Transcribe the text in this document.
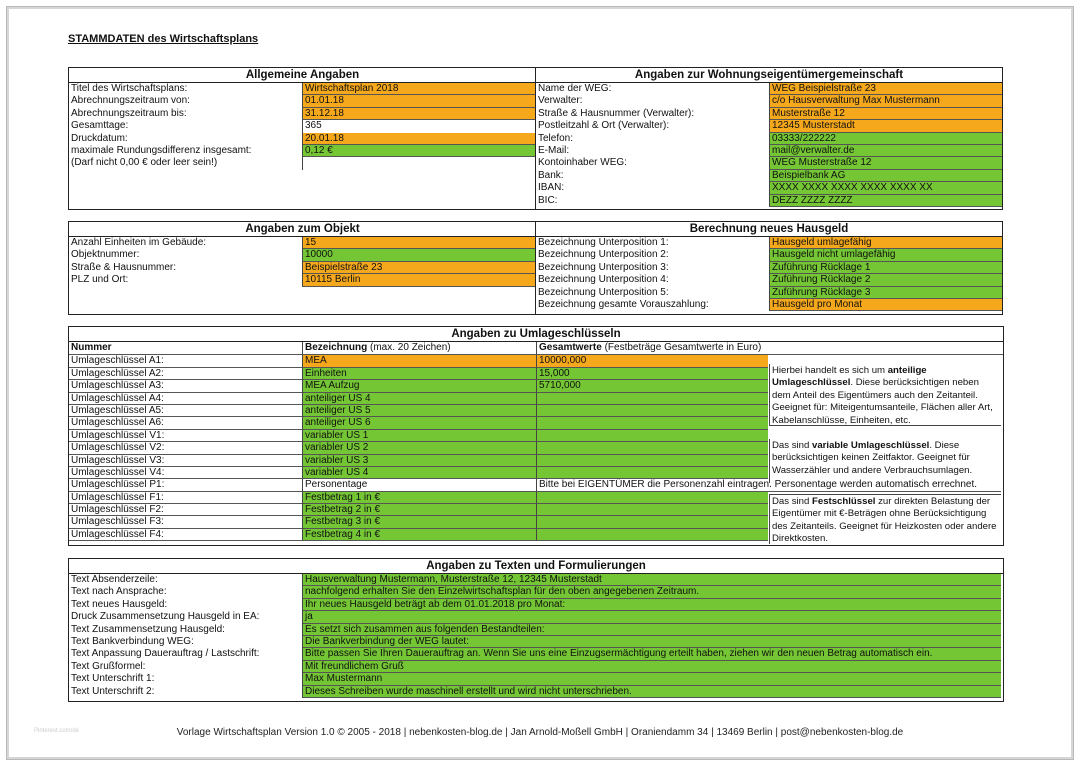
STAMMDATEN des Wirtschaftsplans
Allgemeine Angaben
Titel des Wirtschaftsplans:	Wirtschaftsplan 2018
Abrechnungszeitraum von:	01.01.18
Abrechnungszeitraum bis:	31.12.18
Gesamttage:	365
Druckdatum:	20.01.18
maximale Rundungsdifferenz insgesamt:	0,12 €
(Darf nicht 0,00 € oder leer sein!)
Angaben zur Wohnungseigentümergemeinschaft
Name der WEG:	WEG Beispielstraße 23
Verwalter:	c/o Hausverwaltung Max Mustermann
Straße & Hausnummer (Verwalter):	Musterstraße 12
Postleitzahl & Ort (Verwalter):	12345 Musterstadt
Telefon:	03333/222222
E-Mail:	mail@verwalter.de
Kontoinhaber WEG:	WEG Musterstraße 12
Bank:	Beispielbank AG
IBAN:	XXXX XXXX XXXX XXXX XXXX XX
BIC:	DEZZ ZZZZ ZZZZ
Angaben zum Objekt
Anzahl Einheiten im Gebäude:	15
Objektnummer:	10000
Straße & Hausnummer:	Beispielstraße 23
PLZ und Ort:	10115 Berlin
Berechnung neues Hausgeld
Bezeichnung Unterposition 1:	Hausgeld umlagefähig
Bezeichnung Unterposition 2:	Hausgeld nicht umlagefähig
Bezeichnung Unterposition 3:	Zuführung Rücklage 1
Bezeichnung Unterposition 4:	Zuführung Rücklage 2
Bezeichnung Unterposition 5:	Zuführung Rücklage 3
Bezeichnung gesamte Vorauszahlung:	Hausgeld pro Monat
Angaben zu Umlageschlüsseln
Nummer	Bezeichnung (max. 20 Zeichen)	Gesamtwerte (Festbeträge Gesamtwerte in Euro)
Umlageschlüssel A1:	MEA	10000,000
Umlageschlüssel A2:	Einheiten	15,000
Umlageschlüssel A3:	MEA Aufzug	5710,000
Umlageschlüssel A4:	anteiliger US 4
Umlageschlüssel A5:	anteiliger US 5
Umlageschlüssel A6:	anteiliger US 6
Umlageschlüssel V1:	variabler US 1
Umlageschlüssel V2:	variabler US 2
Umlageschlüssel V3:	variabler US 3
Umlageschlüssel V4:	variabler US 4
Umlageschlüssel P1:	Personentage	Bitte bei EIGENTÜMER die Personenzahl eintragen. Personentage werden automatisch errechnet.
Umlageschlüssel F1:	Festbetrag 1 in €
Umlageschlüssel F2:	Festbetrag 2 in €
Umlageschlüssel F3:	Festbetrag 3 in €
Umlageschlüssel F4:	Festbetrag 4 in €
Hierbei handelt es sich um anteilige Umlageschlüssel. Diese berücksichtigen neben dem Anteil des Eigentümers auch den Zeitanteil. Geeignet für: Miteigentumsanteile, Flächen aller Art, Kabelanschlüsse, Einheiten, etc.
Das sind variable Umlageschlüssel. Diese berücksichtigen keinen Zeitfaktor. Geeignet für Wasserzähler und andere Verbrauchsumlagen.
Das sind Festschlüssel zur direkten Belastung der Eigentümer mit €-Beträgen ohne Berücksichtigung des Zeitanteils. Geeignet für Heizkosten oder andere Direktkosten.
Angaben zu Texten und Formulierungen
Text Absenderzeile:	Hausverwaltung Mustermann, Musterstraße 12, 12345 Musterstadt
Text nach Ansprache:	nachfolgend erhalten Sie den Einzelwirtschaftsplan für den oben angegebenen Zeitraum.
Text neues Hausgeld:	Ihr neues Hausgeld beträgt ab dem 01.01.2018 pro Monat:
Druck Zusammensetzung Hausgeld in EA:	ja
Text Zusammensetzung Hausgeld:	Es setzt sich zusammen aus folgenden Bestandteilen:
Text Bankverbindung WEG:	Die Bankverbindung der WEG lautet:
Text Anpassung Dauerauftrag / Lastschrift:	Bitte passen Sie Ihren Dauerauftrag an. Wenn Sie uns eine Einzugsermächtigung erteilt haben, ziehen wir den neuen Betrag automatisch ein.
Text Grußformel:	Mit freundlichem Gruß
Text Unterschrift 1:	Max Mustermann
Text Unterschrift 2:	Dieses Schreiben wurde maschinell erstellt und wird nicht unterschrieben.
Vorlage Wirtschaftsplan Version 1.0 © 2005 - 2018 | nebenkosten-blog.de | Jan Arnold-Moßell GmbH | Oraniendamm 34 | 13469 Berlin | post@nebenkosten-blog.de
Pinterest.com/de
